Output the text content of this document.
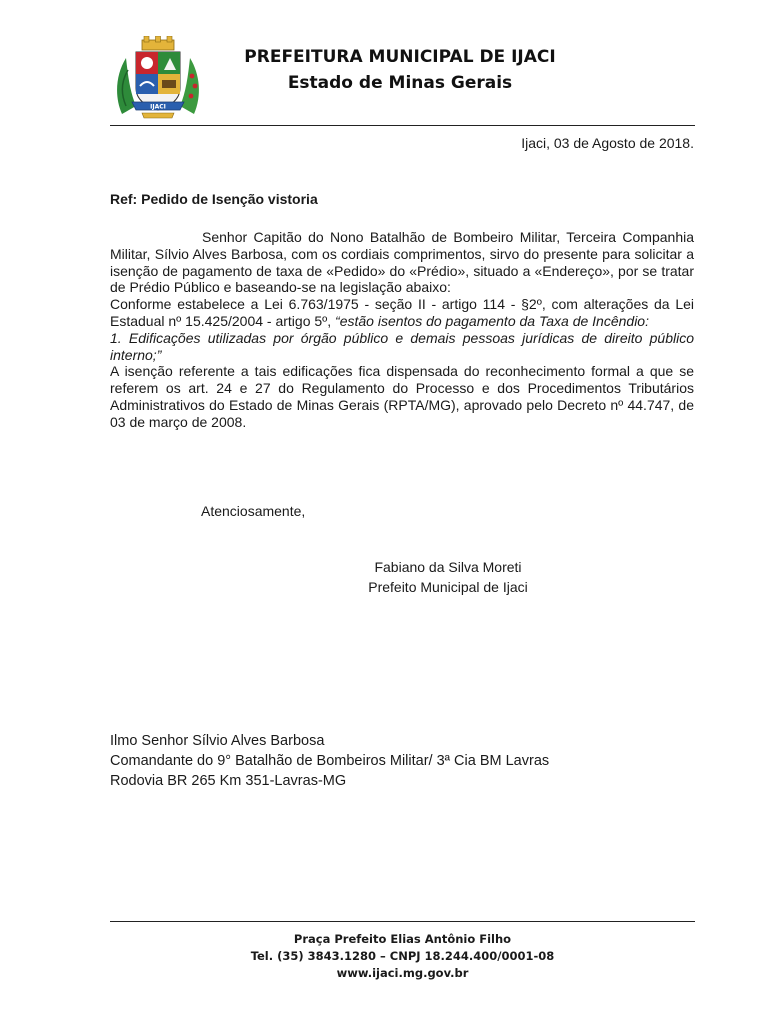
IJACI
PREFEITURA MUNICIPAL DE IJACI
Estado de Minas Gerais
Ijaci, 03 de Agosto de 2018.
Ref: Pedido de Isenção vistoria

Senhor Capitão do Nono Batalhão de Bombeiro Militar, Terceira Companhia Militar, Sílvio Alves Barbosa, com os cordiais comprimentos, sirvo do presente para solicitar a isenção de pagamento de taxa de «Pedido» do «Prédio», situado a «Endereço», por se tratar de Prédio Público e baseando-se na legislação abaixo:

Conforme estabelece a Lei 6.763/1975 - seção II - artigo 114 - §2º, com alterações da Lei Estadual nº 15.425/2004 - artigo 5º, “estão isentos do pagamento da Taxa de Incêndio:

1. Edificações utilizadas por órgão público e demais pessoas jurídicas de direito público interno;”

A isenção referente a tais edificações fica dispensada do reconhecimento formal a que se referem os art. 24 e 27 do Regulamento do Processo e dos Procedimentos Tributários Administrativos do Estado de Minas Gerais (RPTA/MG), aprovado pelo Decreto nº 44.747, de 03 de março de 2008.

Atenciosamente,
Fabiano da Silva Moreti
Prefeito Municipal de Ijaci
Ilmo Senhor Sílvio Alves Barbosa
Comandante do 9° Batalhão de Bombeiros Militar/ 3ª Cia BM Lavras
Rodovia BR 265 Km 351-Lavras-MG
Praça Prefeito Elias Antônio Filho
Tel. (35) 3843.1280 – CNPJ 18.244.400/0001-08
www.ijaci.mg.gov.br
